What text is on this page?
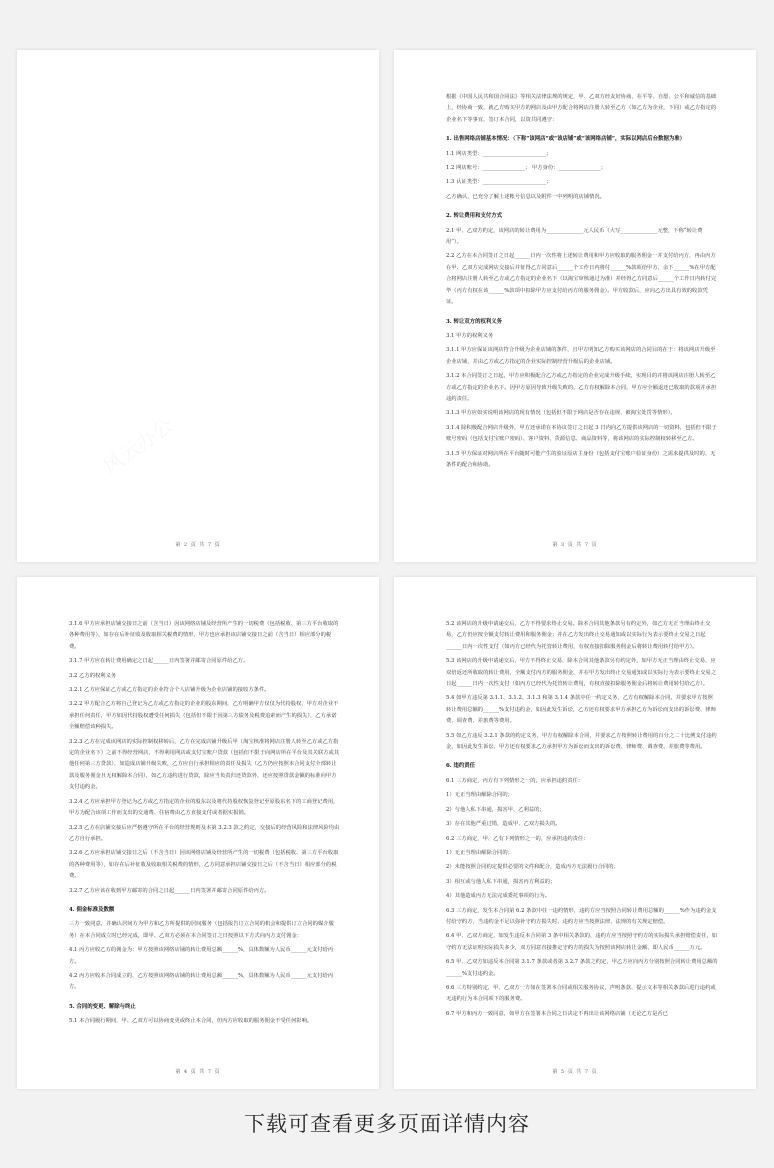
第 2 页 共 7 页

根据《中国人民共和国合同法》等相关法律法规的规定，甲、乙双方经友好协商，在平等、自愿、公平和诚信的基础上，经协商一致，就乙方购买甲方的网店及由甲方配合将网店注册人转至乙方（如乙方为企业，下同）或乙方指定的企业名下等事宜，签订本合同，以资共同遵守：

1. 出售网络店铺基本情况：（下称“该网店”或“该店铺”或“该网络店铺”，实际以网店后台数据为准）

1.1 网店类型：________________________；

1.2 网店账号：________________； 甲方身份：________________；

1.3 认证类型：________________________；

乙方确认，已充分了解上述帐号信息以及附件一中列明的店铺情况。

2. 转让费用和支付方式

2.1 甲、乙双方约定，该网店的转让费用为______________元人民币（大写______________元整，下称“转让费用”）。

2.2 乙方在本合同签订之日起______日内一次性将上述转让费用和甲方应收取的服务佣金一并支付给丙方，再由丙方在甲、乙双方完成网店交接后并征得乙方同意后______个工作日内将付______%款项给甲方，余下______%在甲方配合将网店注册人转至乙方或乙方指定的企业名下（以淘宝审核通过为准）并经得乙方同意后______个工作日内转付完毕（丙方有权在该______%款项中扣除甲方应支付给丙方的服务佣金）。甲方收款后，应向乙方出具有效的收款凭证。

3. 转让双方的权利义务

3.1 甲方的权利义务

3.1.1 甲方应保证该网店符合升级为企业店铺的条件，且甲方明知乙方购买该网店的合同目的在于：将该网店升级至企业店铺，并由乙方或乙方指定的企业实际控制经营升级后的企业店铺。

3.1.2 本合同签订之日起，甲方应积极配合乙方或乙方指定的企业完成升级手续，实现目的并将该网店注册人转至乙方或乙方指定的企业名下。因甲方原因导致升级失败的，乙方有权解除本合同，甲方应全额退还已收取的款项并承担违约责任。

3.1.3 甲方应如实说明该网店的现有情况（包括但不限于网店是否存在违规、被淘宝处罚等情形）。

3.1.4 除积极配合网店升级外，甲方还承诺在本协议签订之日起 3 日内向乙方提供该网店的一切资料，包括但不限于账号密码（包括支付宝账户密码）、客户资料、货源信息、商品资料等，将该网店的实际控制权转移至乙方。

3.1.5 甲方保证对网店所在平台随时可能产生的验证原店主身份（包括支付宝账户验证身份）之需求提供及时的、无条件的配合和协助。

第 3 页 共 7 页

3.1.6 甲方应承担店铺交接日之前（含当日）因该网络店铺及经营所产生的一切税费（包括税收、第三方平台收取的各种费用等），如存在后补征收及收取相关税费的情形，甲方也应承担该店铺交接日之前（含当日）相应部分的税费。

3.1.7 甲方应在转让费用确定之日起______日内签署并邮寄合同原件给乙方。

3.2 乙方的权利义务

3.2.1 乙方应保证乙方或乙方指定的企业符合个人店铺升级为企业店铺的接收方条件。

3.2.2 甲方配合乙方将自己登记为乙方或乙方指定的企业的股东期间，乙方明确甲方仅仅为代持股权，甲方对企业不承担任何责任，甲方如因代持股权遭受任何损失（包括但不限于因第三方债务及税费追索而产生的损失），乙方承诺全额赔偿该种损失。

3.2.3 乙方在完成该网店的实际控制权移转后，乙方在完成店铺升级后甲（淘宝核准将网店注册人转至乙方或乙方指定的企业名下）之前不得经营网店，不得利用网店或支付宝账户贷款（包括但不限于向网店所在平台及其关联方或其他任何第三方贷款），如造成店铺升级失败，乙方应自行承担相应的责任及损失（乙方仍应按照本合同支付全部转让款及服务佣金且无权解除本合同），如乙方违约进行贷款，除应当负责归还贷款外，还应按照贷款金额的标准向甲方支付违约金。

3.2.4 乙方应承担甲方登记为乙方或乙方指定的企业的股东以及将代持股权恢复登记至原股东名下的工商登记费用，甲方为配合该项工作而支出的交通费、住宿费由乙方直接支付或者据实报销。

3.2.5 乙方在店铺交接后应严格遵守所在平台的经营规则及本第 3.2.3 款之约定，交接后的经营风险和法律风险均由乙方自行承担。

3.2.6 乙方应承担店铺交接日之后（不含当日）因该网络店铺及经营所产生的一切税费（包括税收、第三方平台收取的各种费用等），如存在后补征收及收取相关税费的情形，乙方同意承担店铺交接日之后（不含当日）相应部分的税费。

3.2.7 乙方应该在收到甲方邮寄的合同之日起______日内签署并邮寄合同原件给丙方。

4. 佣金标准及数额

三方一致同意，并确认居间方为甲方和乙方所提供的居间服务（包括报告订立合同的机会和提供订立合同的媒介服务）在本合同成立时已经完成，即甲、乙双方必须在本合同签订之日按照以下方式向丙方支付佣金：

4.1 丙方应收乙方的佣金为：甲方按照该网络店铺的转让费用总额______%，具体数额为人民币______元支付给丙方。

4.2 丙方应收本合同成立的，乙方按照该网络店铺的转让费用总额______%，具体数额为人民币______元支付给丙方。

5. 合同的变更、解除与终止

5.1 本合同履行期间，甲、乙双方可以协商变更或终止本合同，但丙方应收取的服务佣金不受任何影响。

第 4 页 共 7 页

5.2 该网店的升级申请递交后，乙方不得要求终止交易。除本合同其他条款另有约定外，如乙方无正当理由终止交易，乙方仍应按全额支付转让费用和服务佣金；并在乙方发出终止交易通知或以实际行为表示要终止交易之日起______日内一次性支付（如丙方已经代为托管转让费用，有权直接扣除服务佣金后将转让费用转付给甲方）。

5.3 该网店的升级申请递交后，甲方不得终止交易，除本合同其他条款另有约定外，如甲方无正当理由终止交易，应双倍返还所收取的转让费用，全额支付丙方的服务佣金，并在甲方发出终止交易通知或以实际行为表示要终止交易之日起______日内一次性支付（如丙方已经代为托管转让费用，有权直接扣除服务佣金后将转让费用转付给乙方）。

5.4 如甲方违反第 3.1.1、3.1.2、3.1.3 和第 3.1.4 条款中任一约定义务，乙方有权解除本合同，并要求甲方按照转让费用总额的______%支付违约金，如因此发生诉讼，乙方还有权要求甲方承担乙方为诉讼而支出的诉讼费、律师费、调查费、差旅费等费用。

5.5 如乙方违反 3.2.1 条款的约定义务，甲方有权解除本合同，并要求乙方按照转让费用的百分之二十比例支付违约金，如因此发生诉讼，甲方还有权要求乙方承担甲方为诉讼而支出的诉讼费、律师费、调查费、差旅费等费用。

6. 违约责任

6.1 三方商定，丙方有下列情形之一的，应承担违约责任：

1）无正当理由解除合同的；

2）与他人私下串通，损害甲、乙利益的；

3）存在其他严重过错，造成甲、乙双方损失的。

6.2 三方商定，甲、乙有下列情形之一的，应承担违约责任：

1）无正当理由解除合同的；

2）未能按照合同约定提供必要的文件和配合，造成丙方无法履行合同的；

3）相互或与他人私下串通，损害丙方利益的；

4）其他造成丙方无法完成委托事项的行为。

6.3 三方商定，发生本合同第 6.2 条款中任一违约情形，违约方应当按照合同转让费用总额的______%作为违约金支付给守约方，当违约金不足以弥补守约方损失时，违约方应当按照法律、法规的有关规定赔偿。

6.4 甲、乙双方商定，如发生违反本合同第 3 条中相关条款的，违约方应当按照守约方的实际损失承担赔偿责任，如守约方无法证明实际损失多少，双方同意直接推定守约方的损失为按照该网店转让金额，即人民币______万元。

6.5 甲、乙双方如违反本合同第 3.1.7 条款或者第 3.2.7 条款之约定，甲乙方应向丙方分别按照合同转让费用总额的______%支付违约金。

6.6 三方特别约定，甲、乙双方一方如在签署本合同或相关服务协议，声明条款、提示文本等相关条款后进行违约或无违约行为本合同项下的服务费。

6.7 甲方和丙方一致同意，如甲方在签署本合同之日决定不再出让该网络店铺（无论乙方是否已

第 5 页 共 7 页
下载可查看更多页面详情内容
